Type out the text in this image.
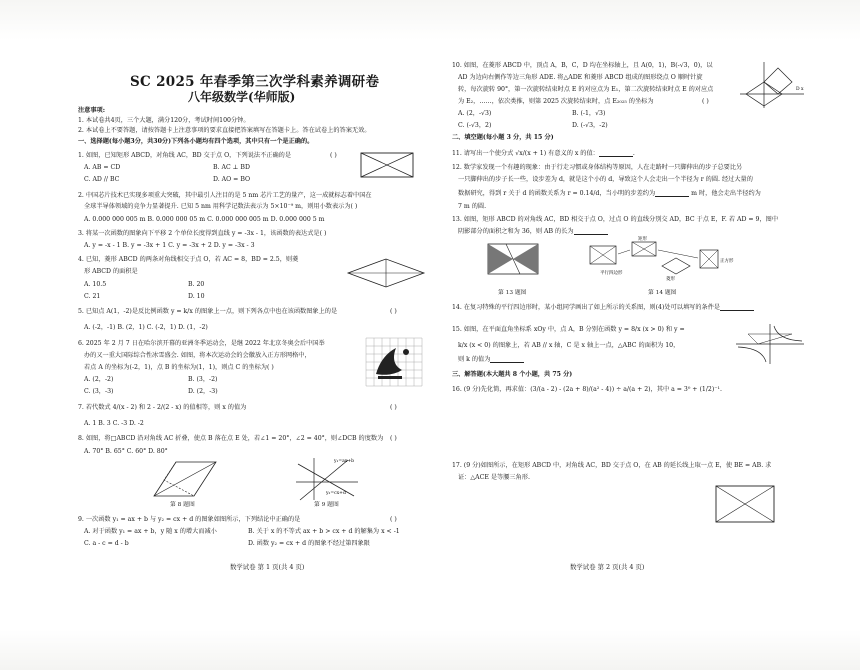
SC 2025 年春季第三次学科素养调研卷
八年级数学(华师版)
注意事项:
1. 本试卷共4页，三个大题，满分120分，考试时间100分钟。
2. 本试卷上不要答题，请按答题卡上注意事项的要求直接把答案填写在答题卡上。答在试卷上的答案无效。
一、选择题(每小题3分，共30分)下列各小题均有四个选项，其中只有一个是正确的。
1. 如图，已知矩形 ABCD，对角线 AC，BD 交于点 O，下列说法不正确的是	( )
A. AB = CD	B. AC ⊥ BD
C. AD // BC	D. AO = BO
2. 中国芯片技术已实现多项重大突破，其中最引人注目的是 5 nm 芯片工艺的量产，这一成就标志着中国在
全球半导体领域的竞争力显著提升. 已知 5 nm 用科学记数法表示为 5×10⁻⁹ m，则用小数表示为( )
A. 0.000 000 005 m B. 0.000 000 05 m C. 0.000 000 005 m D. 0.000 000 5 m
3. 将某一次函数的图象向下平移 2 个单位长度得到直线 y = -3x - 1，该函数的表达式是( )
A. y = -x - 1 B. y = -3x + 1 C. y = -3x + 2 D. y = -3x - 3
4. 已知，菱形 ABCD 的两条对角线相交于点 O，若 AC = 8，BD = 2.5，则菱
形 ABCD 的面积是
A. 10.5	B. 20
C. 21	D. 10
5. 已知点 A(1，-2)是反比例函数 y = k/x 的图象上一点，则下列各点中也在该函数图象上的是	( )
A. (-2，-1) B. (2，1) C. (-2，1) D. (1，-2)
6. 2025 年 2 月 7 日在哈尔滨开幕的亚洲冬季运动会，是继 2022 年北京冬奥会后中国举
办的又一重大国际综合性冰雪盛会. 如图，将本次运动会的会徽放入正方形网格中，
若点 A 的坐标为(-2，1)，点 B 的坐标为(1，1)，则点 C 的坐标为( )
A. (2，-2)	B. (3，-2)
C. (3，-3)	D. (2，-3)
7. 若代数式 4/(x - 2) 和 2 - 2/(2 - x) 的值相等，则 x 的值为	( )
A. 1 B. 3 C. -3 D. -2
8. 如图，将□ABCD 沿对角线 AC 折叠，使点 B 落在点 E 处，若∠1 = 20°，∠2 = 40°，则∠DCB 的度数为 ( )
A. 70° B. 65° C. 60° D. 80°
第 8 题图
y₁=ax+b
y₂=cx+d
第 9 题图
9. 一次函数 y₁ = ax + b 与 y₂ = cx + d 的图象如图所示，下列结论中正确的是	( )
A. 对于函数 y₁ = ax + b，y 随 x 的增大而减小	B. 关于 x 的不等式 ax + b > cx + d 的解集为 x < -1
C. a - c = d - b	D. 函数 y₂ = cx + d 的图象不经过第四象限
数学试卷 第 1 页(共 4 页)
10. 如图，在菱形 ABCD 中，顶点 A，B，C，D 均在坐标轴上，且 A(0，1)，B(-√3，0)，以
AD 为边向右侧作等边三角形 ADE. 将△ADE 和菱形 ABCD 组成的图形绕点 O 顺时针旋
转，每次旋转 90°，第一次旋转结束时点 E 的对应点为 E₁，第二次旋转结束时点 E 的对应点
为 E₂，……，依次类推，则第 2025 次旋转结束时，点 E₂₀₂₅ 的坐标为	( )
A. (2，-√3)	B. (-1，√3)
C. (-√3，2)	D. (-√3，-2)
D x
二、填空题(每小题 3 分，共 15 分)
11. 请写出一个使分式 √x/(x + 1) 有意义的 x 的值：	.
12. 数学家发现一个有趣的现象：由于行走习惯或身体结构等原因，人在走路时一只脚伸出的步子总要比另
一只脚伸出的步子长一些，设步差为 d，就是这个小的 d，导致这个人会走出一个半径为 r 的圆. 经过大量的
数据研究，得到 r 关于 d 的函数关系为 r = 0.14/d，当小明的步差约为	m 时，他会走出半径约为
7 m 的圆.
13. 如图，矩形 ABCD 的对角线 AC，BD 相交于点 O，过点 O 的直线分别交 AD，BC 于点 E，F. 若 AD = 9，图中
阴影部分的面积之和为 36，则 AB 的长为
第 13 题图
矩形
正方形
平行四边形
菱形
第 14 题图
14. 在复习特殊的平行四边形时，某小组同学画出了如上所示的关系图，则(4)处可以填写的条件是
15. 如图，在平面直角坐标系 xOy 中，点 A，B 分别在函数 y = 8/x (x > 0) 和 y =
k/x (x < 0) 的图象上，若 AB // x 轴，C 是 x 轴上一点，△ABC 的面积为 10，
则 k 的值为
三、解答题(本大题共 8 个小题，共 75 分)
16. (9 分)先化简，再求值：(3/(a - 2) - (2a + 8)/(a² - 4)) ÷ a/(a + 2)，其中 a = 3⁰ + (1/2)⁻¹.
17. (9 分)如图所示，在矩形 ABCD 中，对角线 AC，BD 交于点 O，在 AB 的延长线上取一点 E，使 BE = AB. 求
证：△ACE 是等腰三角形.
数学试卷 第 2 页(共 4 页)
